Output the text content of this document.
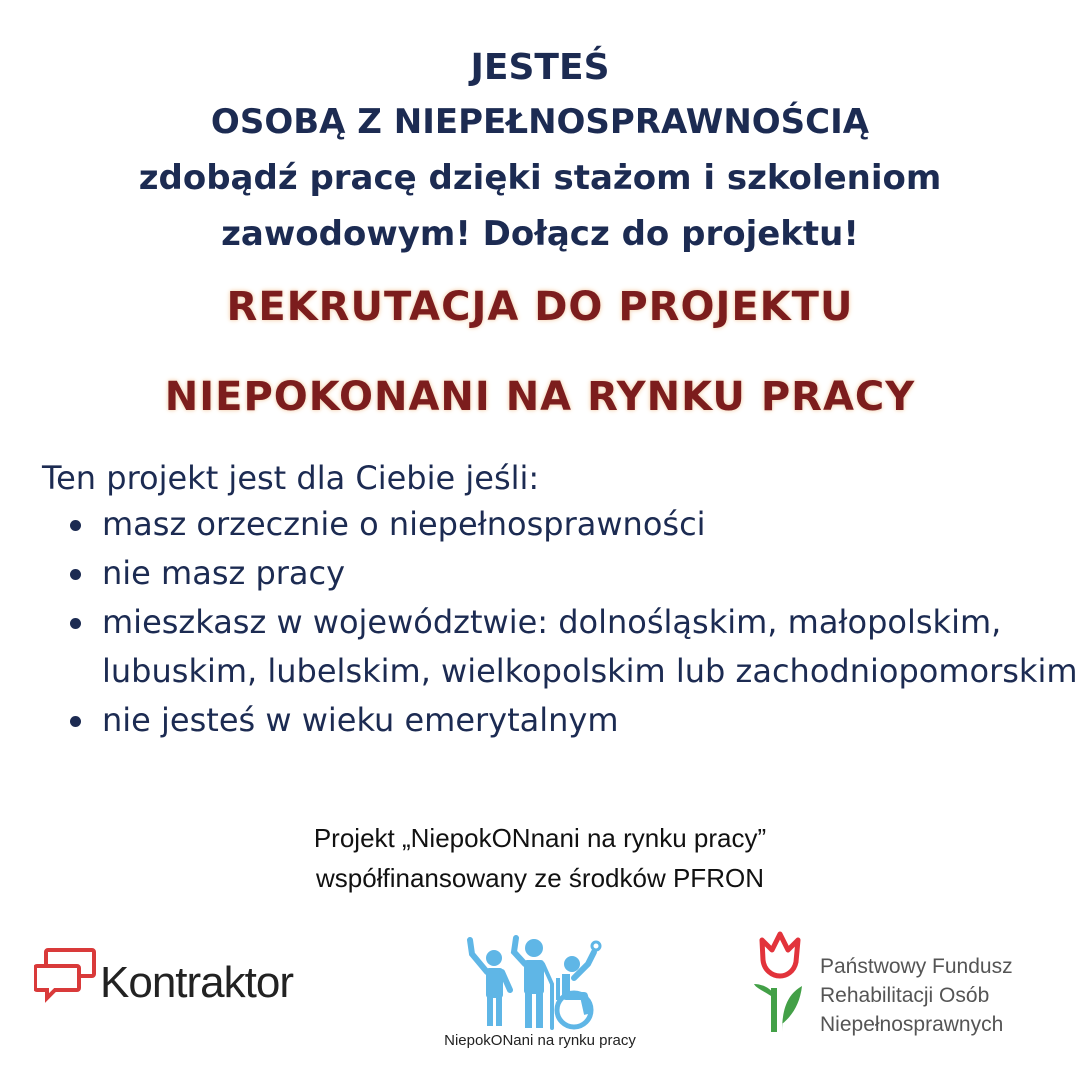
JESTEŚ
OSOBĄ Z NIEPEŁNOSPRAWNOŚCIĄ
zdobądź pracę dzięki stażom i szkoleniom
zawodowym! Dołącz do projektu!
REKRUTACJA DO PROJEKTU
NIEPOKONANI NA RYNKU PRACY
Ten projekt jest dla Ciebie jeśli:
masz orzecznie o niepełnosprawności
nie masz pracy
mieszkasz w województwie: dolnośląskim, małopolskim, lubuskim, lubelskim, wielkopolskim lub zachodniopomorskim
nie jesteś w wieku emerytalnym
Projekt „NiepokONnani na rynku pracy”
współfinansowany ze środków PFRON
Kontraktor
NiepokONani na rynku pracy
Państwowy Fundusz
Rehabilitacji Osób
Niepełnosprawnych
